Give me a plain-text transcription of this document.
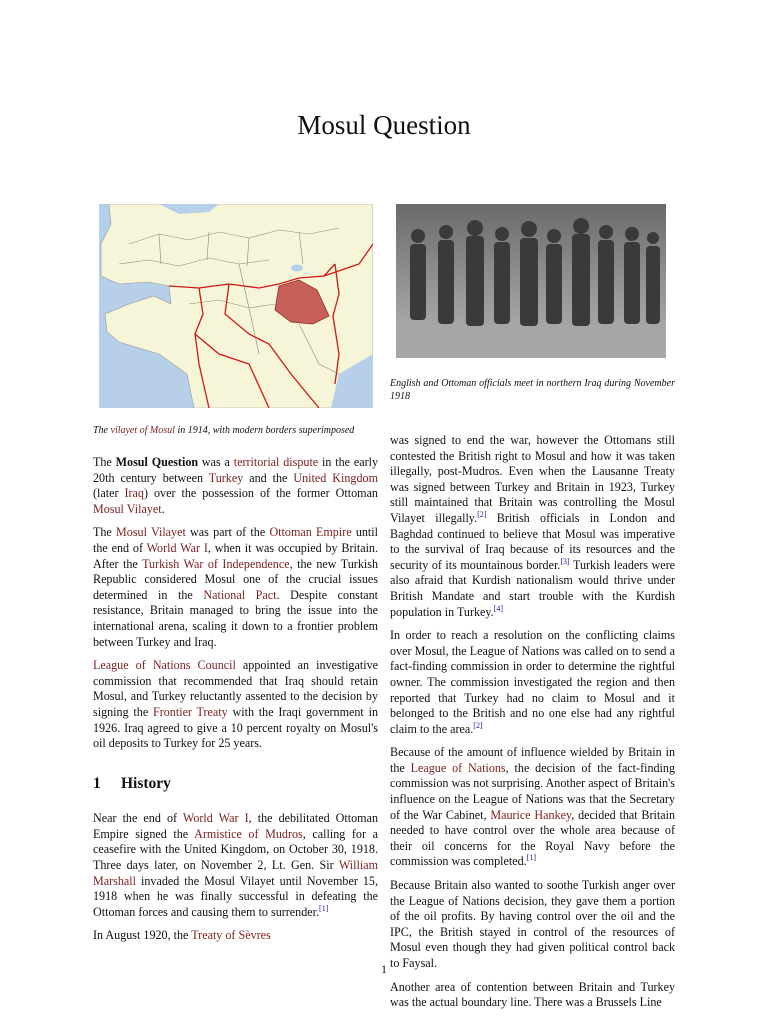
Mosul Question
The vilayet of Mosul in 1914, with modern borders superimposed
English and Ottoman officials meet in northern Iraq during November 1918

The Mosul Question was a territorial dispute in the early 20th century between Turkey and the United Kingdom (later Iraq) over the possession of the former Ottoman Mosul Vilayet.

The Mosul Vilayet was part of the Ottoman Empire until the end of World War I, when it was occupied by Britain. After the Turkish War of Independence, the new Turkish Republic considered Mosul one of the crucial issues determined in the National Pact. Despite constant resistance, Britain managed to bring the issue into the international arena, scaling it down to a frontier problem between Turkey and Iraq.

League of Nations Council appointed an investigative commission that recommended that Iraq should retain Mosul, and Turkey reluctantly assented to the decision by signing the Frontier Treaty with the Iraqi government in 1926. Iraq agreed to give a 10 percent royalty on Mosul's oil deposits to Turkey for 25 years.

1 History

Near the end of World War I, the debilitated Ottoman Empire signed the Armistice of Mudros, calling for a ceasefire with the United Kingdom, on October 30, 1918. Three days later, on November 2, Lt. Gen. Sir William Marshall invaded the Mosul Vilayet until November 15, 1918 when he was finally successful in defeating the Ottoman forces and causing them to surrender.[1]

In August 1920, the Treaty of Sèvres

was signed to end the war, however the Ottomans still contested the British right to Mosul and how it was taken illegally, post-Mudros. Even when the Lausanne Treaty was signed between Turkey and Britain in 1923, Turkey still maintained that Britain was controlling the Mosul Vilayet illegally.[2] British officials in London and Baghdad continued to believe that Mosul was imperative to the survival of Iraq because of its resources and the security of its mountainous border.[3] Turkish leaders were also afraid that Kurdish nationalism would thrive under British Mandate and start trouble with the Kurdish population in Turkey.[4]

In order to reach a resolution on the conflicting claims over Mosul, the League of Nations was called on to send a fact-finding commission in order to determine the rightful owner. The commission investigated the region and then reported that Turkey had no claim to Mosul and it belonged to the British and no one else had any rightful claim to the area.[2]

Because of the amount of influence wielded by Britain in the League of Nations, the decision of the fact-finding commission was not surprising. Another aspect of Britain's influence on the League of Nations was that the Secretary of the War Cabinet, Maurice Hankey, decided that Britain needed to have control over the whole area because of their oil concerns for the Royal Navy before the commission was completed.[1]

Because Britain also wanted to soothe Turkish anger over the League of Nations decision, they gave them a portion of the oil profits. By having control over the oil and the IPC, the British stayed in control of the resources of Mosul even though they had given political control back to Faysal.

Another area of contention between Britain and Turkey was the actual boundary line. There was a Brussels Line

1
